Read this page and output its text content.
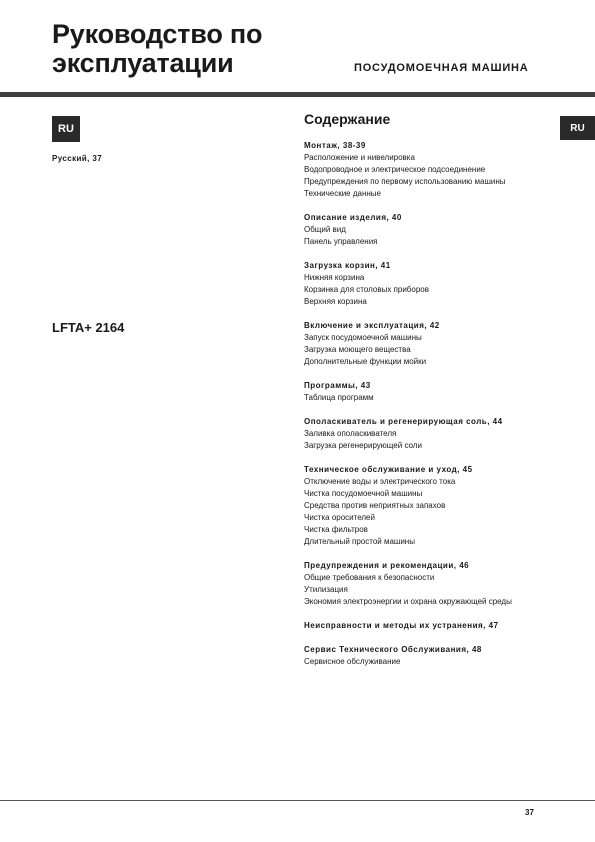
Руководство по
эксплуатации	ПОСУДОМОЕЧНАЯ МАШИНА
RU
Русский, 37
LFTA+ 2164
RU
Содержание
Монтаж, 38-39
Расположение и нивелировка
Водопроводное и электрическое подсоединение
Предупреждения по первому использованию машины
Технические данные
Описание изделия, 40
Общий вид
Панель управления
Загрузка корзин, 41
Нижняя корзина
Корзинка для столовых приборов
Верхняя корзина
Включение и эксплуатация, 42
Запуск посудомоечной машины
Загрузка моющего вещества
Дополнительные функции мойки
Программы, 43
Таблица программ
Ополаскиватель и регенерирующая соль, 44
Заливка ополаскивателя
Загрузка регенерирующей соли
Техническое обслуживание и уход, 45
Отключение воды и электрического тока
Чистка посудомоечной машины
Средства против неприятных запахов
Чистка оросителей
Чистка фильтров
Длительный простой машины
Предупреждения и рекомендации, 46
Общие требования к безопасности
Утилизация
Экономия электроэнергии и охрана окружающей среды
Неисправности и методы их устранения, 47
Сервис Технического Обслуживания, 48
Сервисное обслуживание
37
